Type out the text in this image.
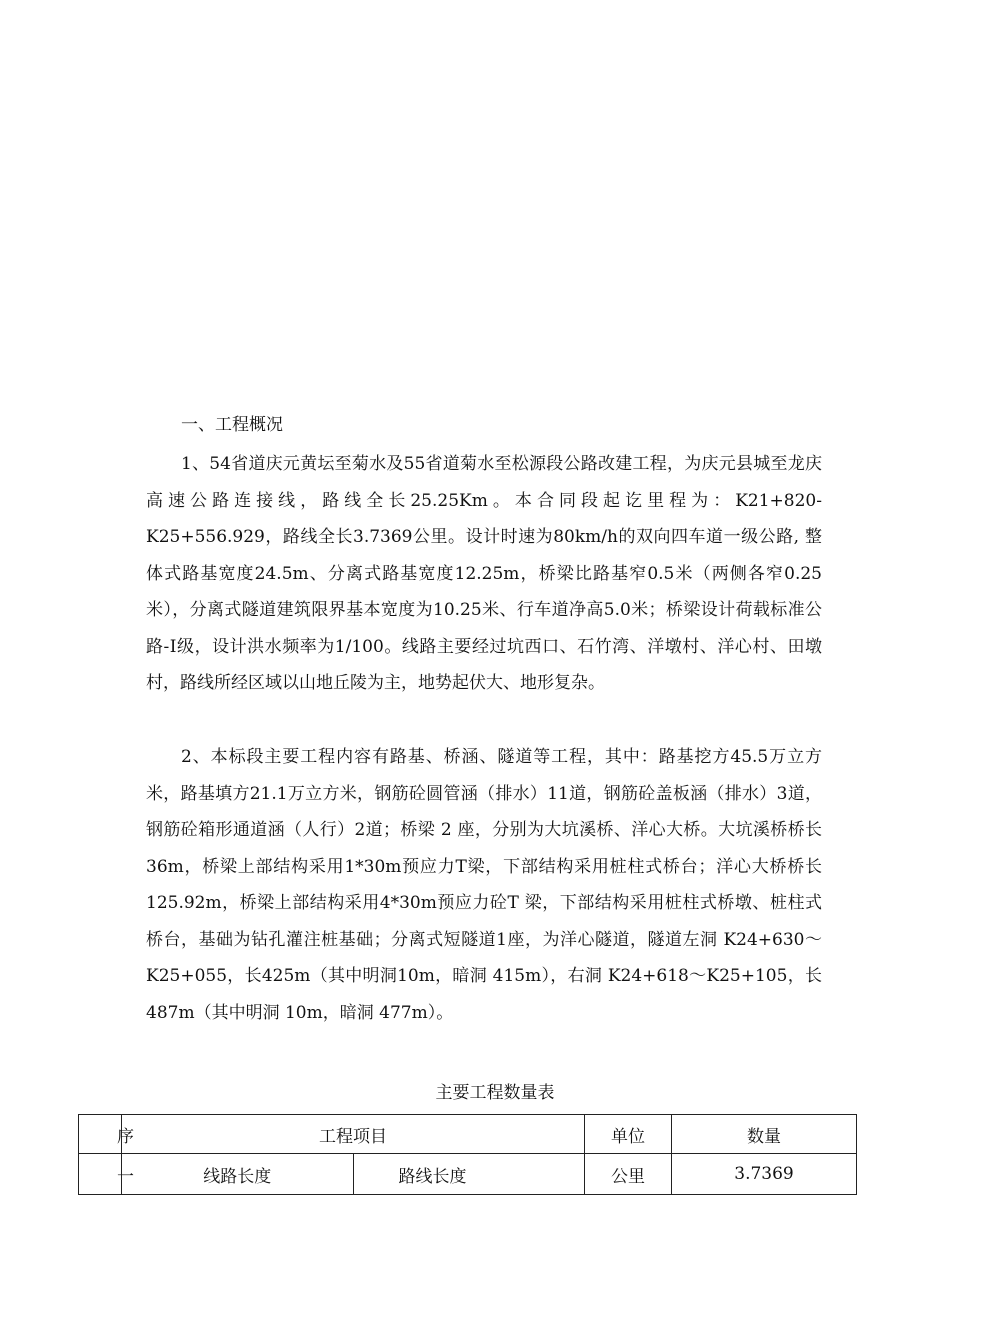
一、工程概况

1、54省道庆元黄坛至菊水及55省道菊水至松源段公路改建工程，为庆元县城至龙庆高速公路连接线，路线全长25.25Km。本合同段起讫里程为：K21+820-K25+556.929，路线全长3.7369公里。设计时速为80km/h的双向四车道一级公路, 整体式路基宽度24.5m、分离式路基宽度12.25m，桥梁比路基窄0.5米（两侧各窄0.25米），分离式隧道建筑限界基本宽度为10.25米、行车道净高5.0米；桥梁设计荷载标准公路-Ⅰ级，设计洪水频率为1/100。线路主要经过坑西口、石竹湾、洋墩村、洋心村、田墩村，路线所经区域以山地丘陵为主，地势起伏大、地形复杂。

2、本标段主要工程内容有路基、桥涵、隧道等工程，其中：路基挖方45.5万立方米，路基填方21.1万立方米，钢筋砼圆管涵（排水）11道，钢筋砼盖板涵（排水）3道，钢筋砼箱形通道涵（人行）2道；桥梁 2 座，分别为大坑溪桥、洋心大桥。大坑溪桥桥长36m，桥梁上部结构采用1*30m预应力T梁，下部结构采用桩柱式桥台；洋心大桥桥长125.92m，桥梁上部结构采用4*30m预应力砼T 梁，下部结构采用桩柱式桥墩、桩柱式桥台，基础为钻孔灌注桩基础；分离式短隧道1座，为洋心隧道，隧道左洞 K24+630～K25+055，长425m（其中明洞10m，暗洞 415m），右洞 K24+618～K25+105，长487m（其中明洞 10m，暗洞 477m）。

主要工程数量表
序	工程项目		单位	数量
一	线路长度	路线长度	公里	3.7369
